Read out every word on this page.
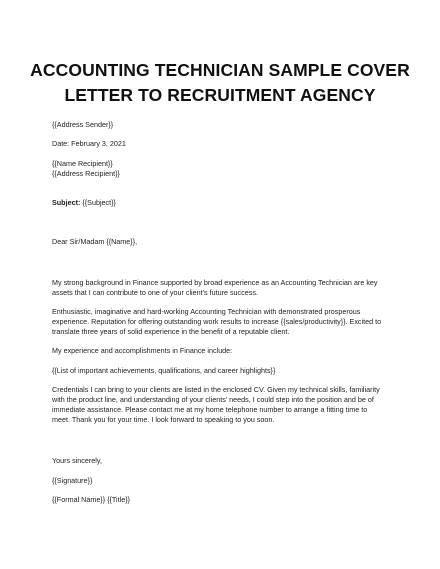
ACCOUNTING TECHNICIAN SAMPLE COVER
LETTER TO RECRUITMENT AGENCY
{{Address Sender}}
Date: February 3, 2021
{{Name Recipient}}
{{Address Recipient}}
Subject: {{Subject}}
Dear Sir/Madam {{Name}},
My strong background in Finance supported by broad experience as an Accounting Technician are key
assets that I can contribute to one of your client's future success.
Enthusiastic, imaginative and hard-working Accounting Technician with demonstrated prosperous
experience. Reputation for offering outstanding work results to increase {{sales/productivity}}. Excited to
translate three years of solid experience in the benefit of a reputable client.
My experience and accomplishments in Finance include:
{{List of important achievements, qualifications, and career highlights}}
Credentials I can bring to your clients are listed in the enclosed CV. Given my technical skills, familiarity
with the product line, and understanding of your clients' needs, I could step into the position and be of
immediate assistance. Please contact me at my home telephone number to arrange a fitting time to
meet. Thank you for your time. I look forward to speaking to you soon.
Yours sincerely,
{{Signature}}
{{Formal Name}} {{Title}}
